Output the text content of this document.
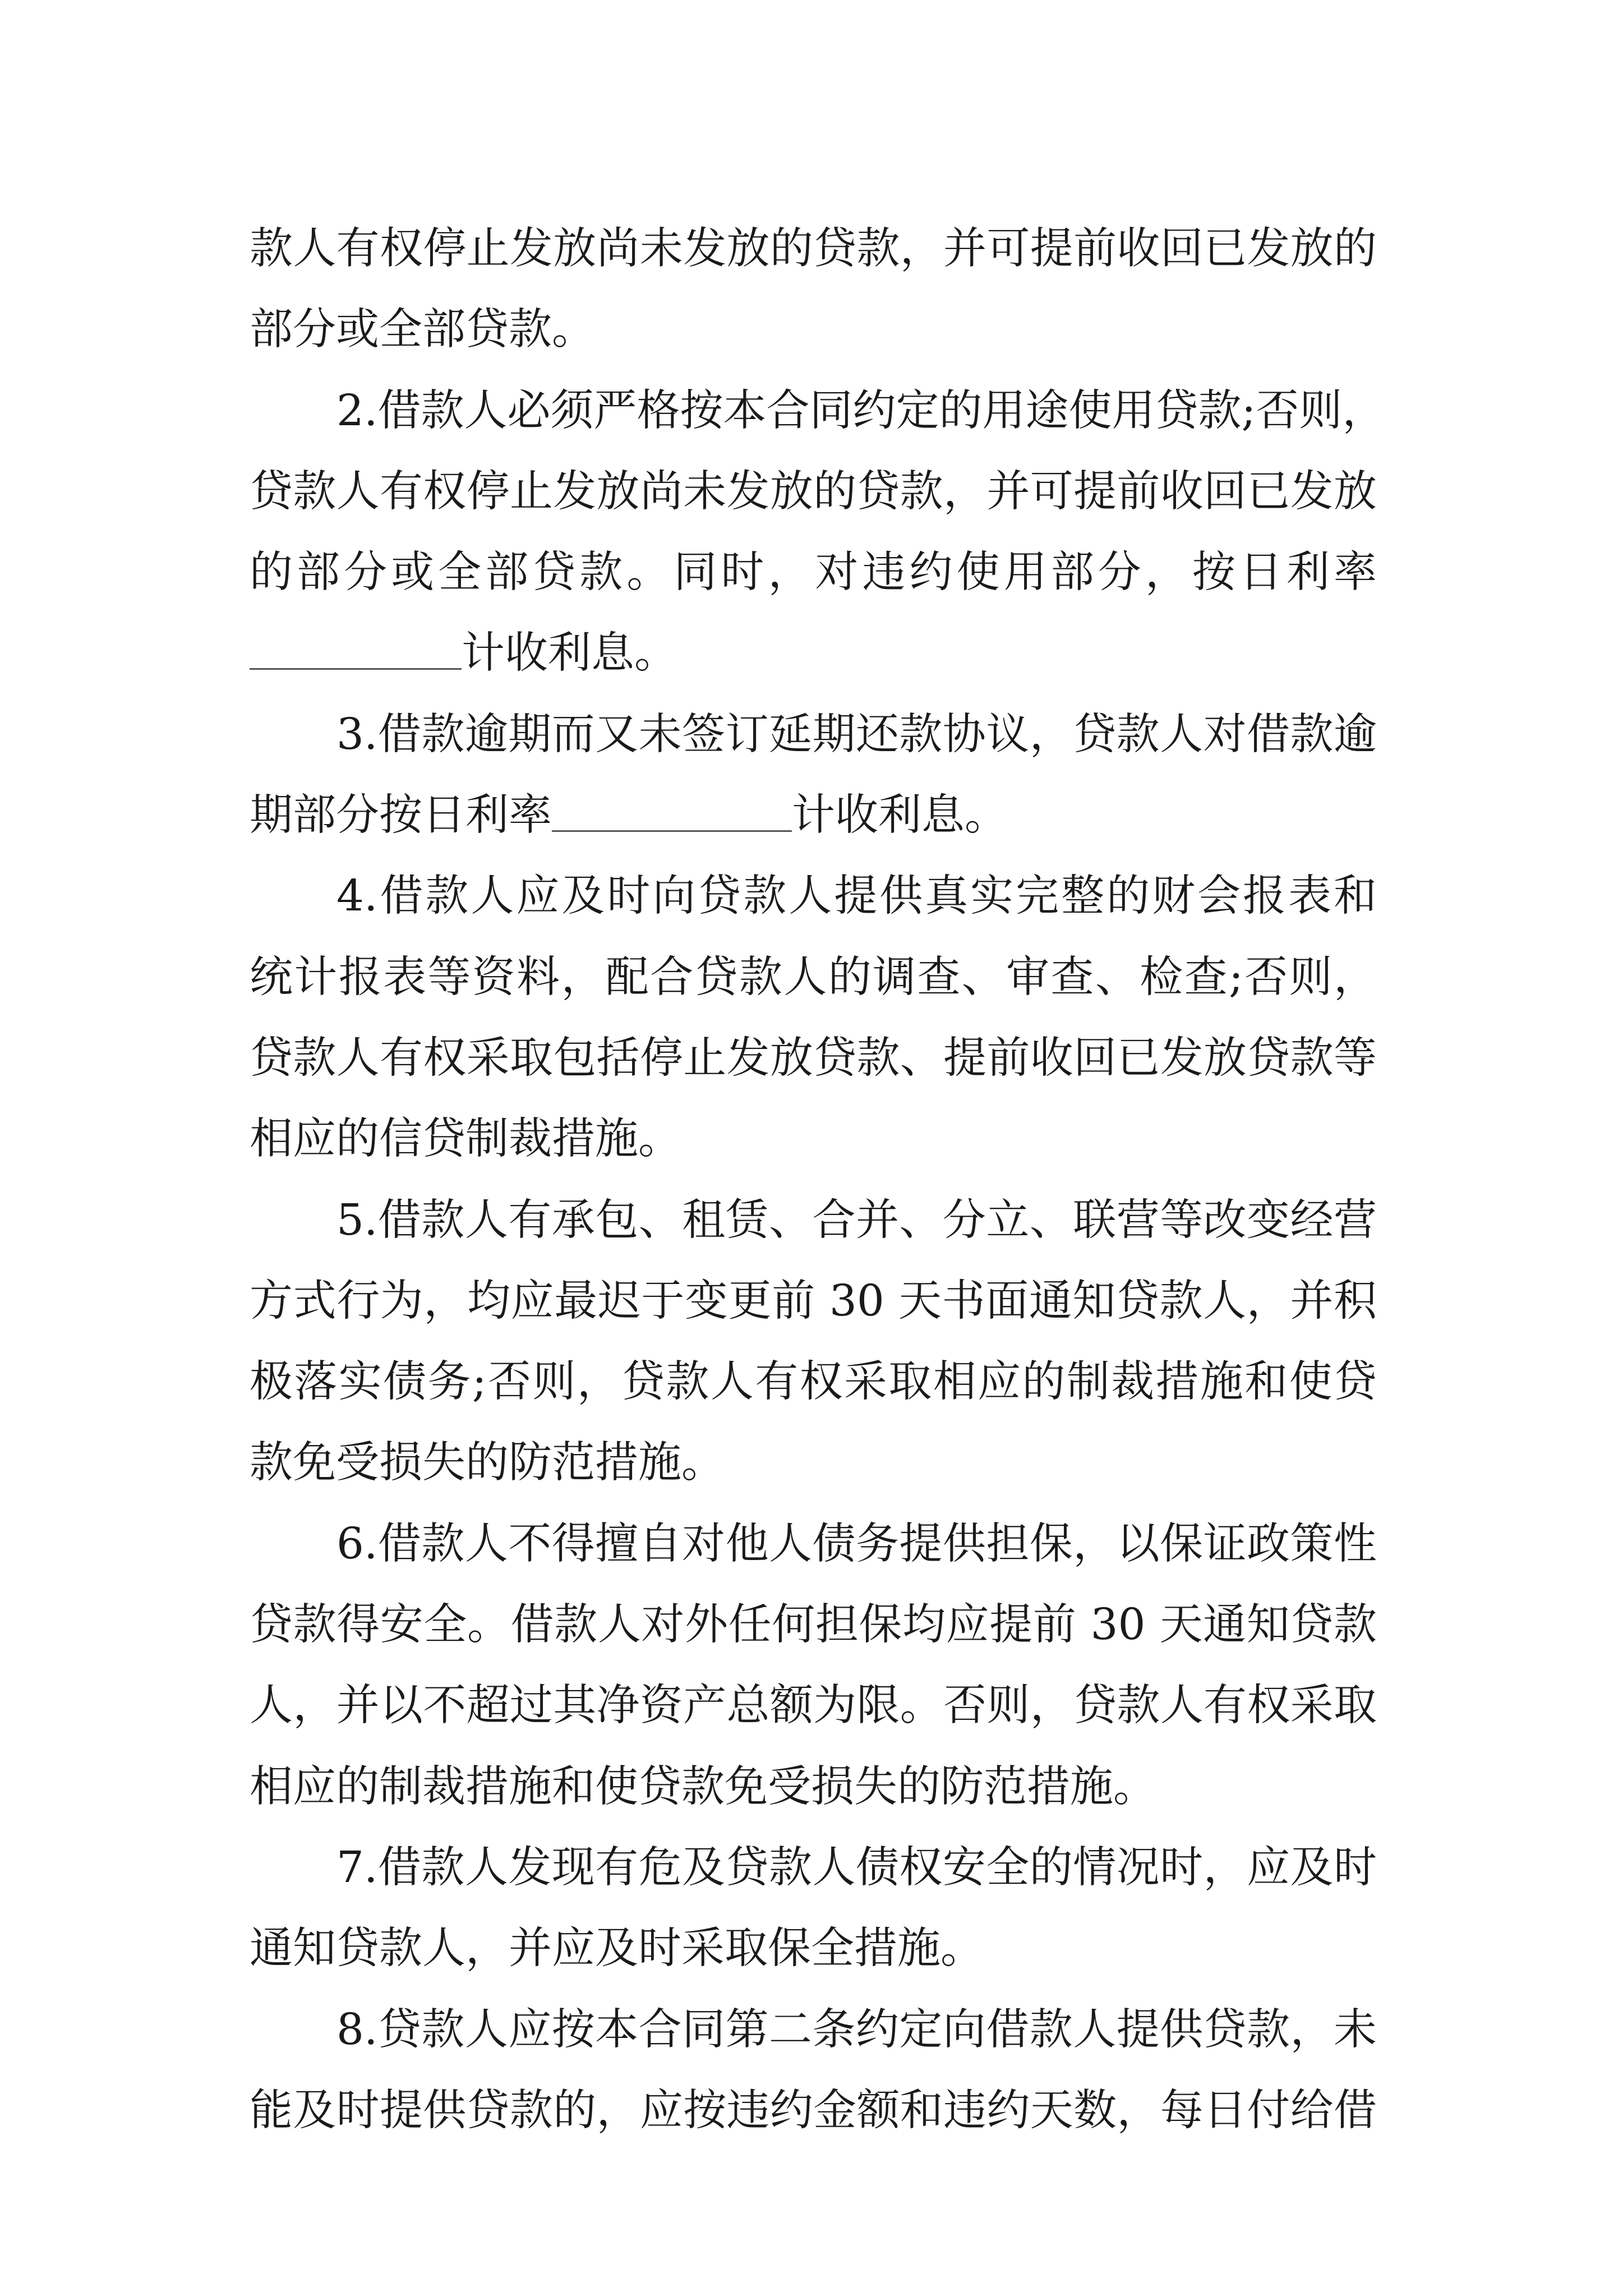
款人有权停止发放尚未发放的贷款，并可提前收回已发放的
部分或全部贷款。
2.借款人必须严格按本合同约定的用途使用贷款;否则，
贷款人有权停止发放尚未发放的贷款，并可提前收回已发放
的部分或全部贷款。同时，对违约使用部分，按日利率
计收利息。
3.借款逾期而又未签订延期还款协议，贷款人对借款逾
期部分按日利率	计收利息。
4.借款人应及时向贷款人提供真实完整的财会报表和
统计报表等资料，配合贷款人的调查、审查、检查;否则，
贷款人有权采取包括停止发放贷款、提前收回已发放贷款等
相应的信贷制裁措施。
5.借款人有承包、租赁、合并、分立、联营等改变经营
方式行为，均应最迟于变更前 30 天书面通知贷款人，并积
极落实债务;否则，贷款人有权采取相应的制裁措施和使贷
款免受损失的防范措施。
6.借款人不得擅自对他人债务提供担保，以保证政策性
贷款得安全。借款人对外任何担保均应提前 30 天通知贷款
人，并以不超过其净资产总额为限。否则，贷款人有权采取
相应的制裁措施和使贷款免受损失的防范措施。
7.借款人发现有危及贷款人债权安全的情况时，应及时
通知贷款人，并应及时采取保全措施。
8.贷款人应按本合同第二条约定向借款人提供贷款，未
能及时提供贷款的，应按违约金额和违约天数，每日付给借
